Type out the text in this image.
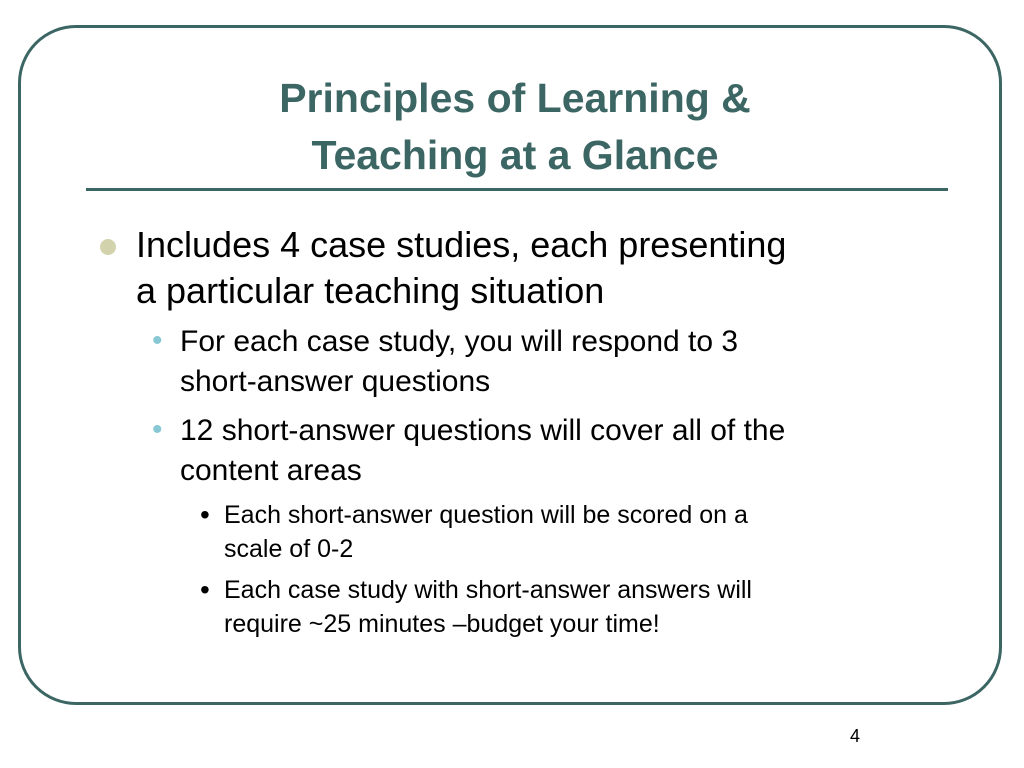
Principles of Learning &
Teaching at a Glance
Includes 4 case studies, each presenting
a particular teaching situation
• For each case study, you will respond to 3
short-answer questions
• 12 short-answer questions will cover all of the
content areas
• Each short-answer question will be scored on a
scale of 0-2
• Each case study with short-answer answers will
require ~25 minutes –budget your time!
4
